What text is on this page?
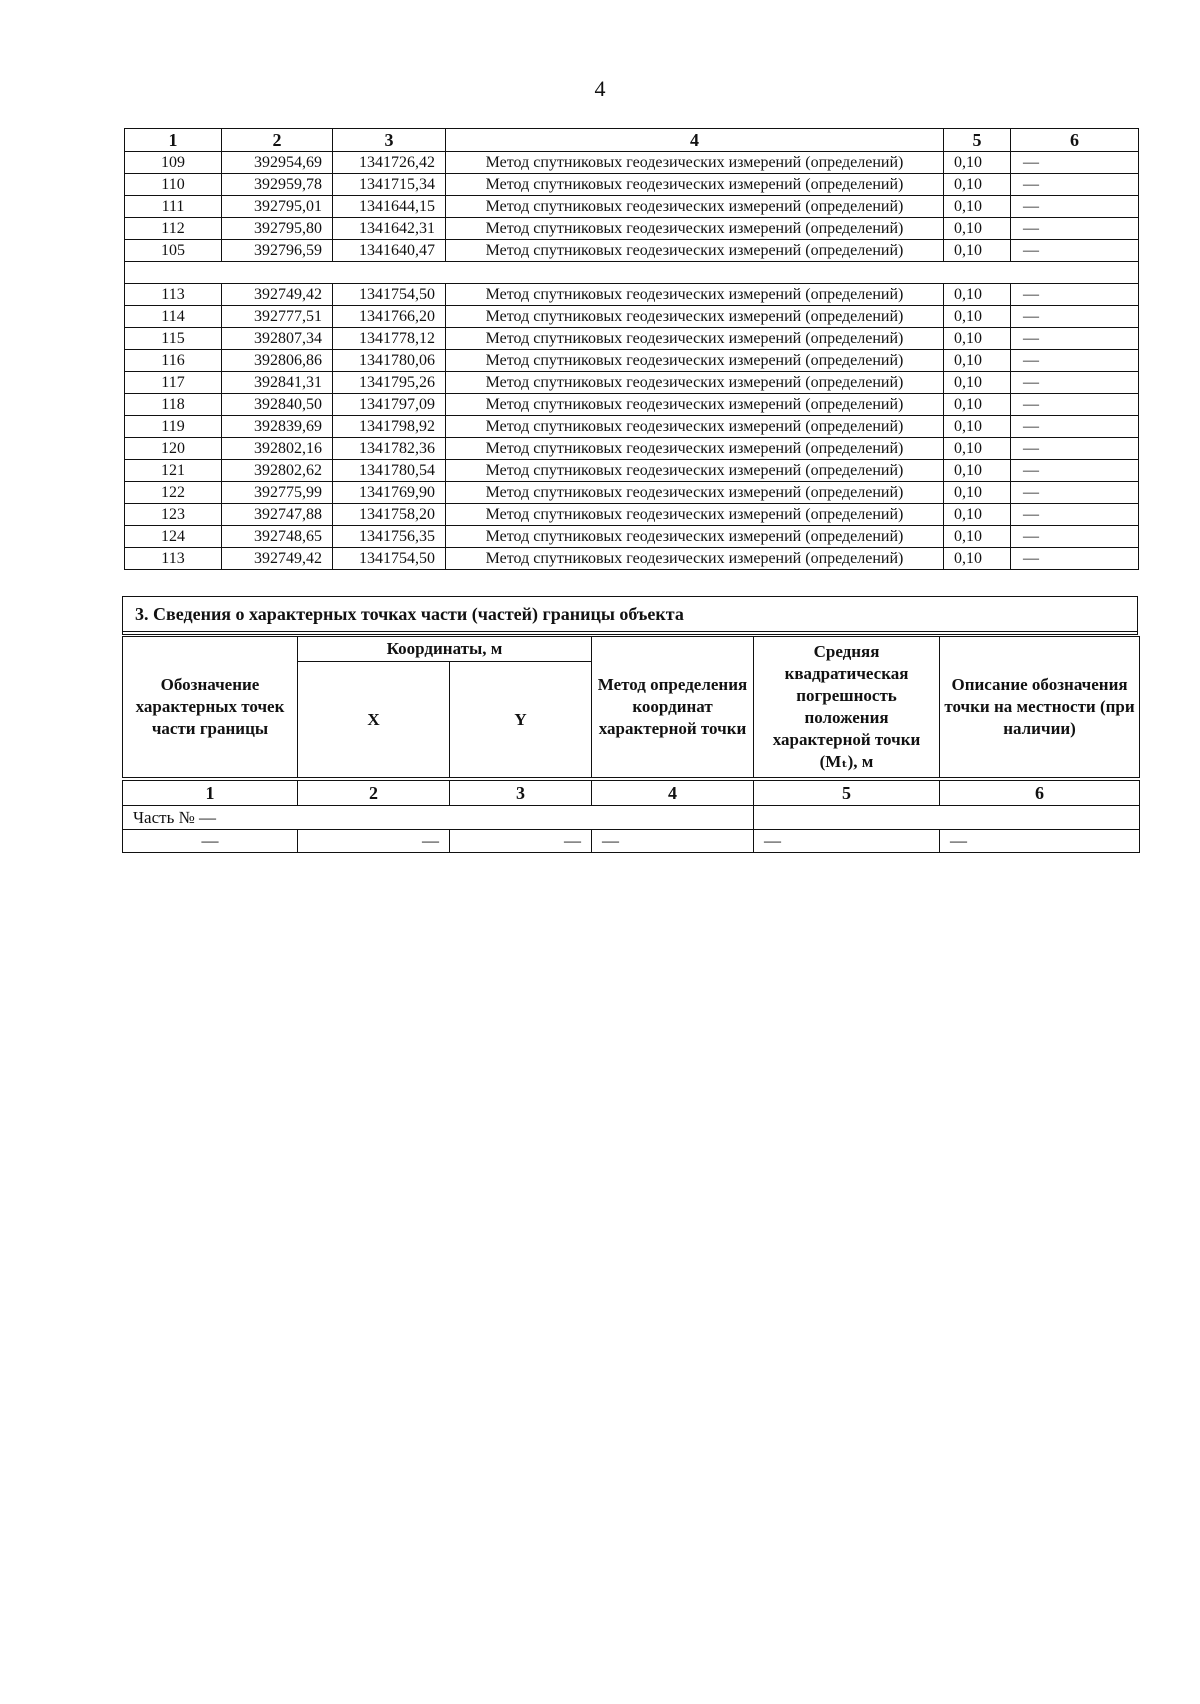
4
1	2	3	4	5	6
109	392954,69	1341726,42	Метод спутниковых геодезических измерений (определений)	0,10	—
110	392959,78	1341715,34	Метод спутниковых геодезических измерений (определений)	0,10	—
111	392795,01	1341644,15	Метод спутниковых геодезических измерений (определений)	0,10	—
112	392795,80	1341642,31	Метод спутниковых геодезических измерений (определений)	0,10	—
105	392796,59	1341640,47	Метод спутниковых геодезических измерений (определений)	0,10	—

113	392749,42	1341754,50	Метод спутниковых геодезических измерений (определений)	0,10	—
114	392777,51	1341766,20	Метод спутниковых геодезических измерений (определений)	0,10	—
115	392807,34	1341778,12	Метод спутниковых геодезических измерений (определений)	0,10	—
116	392806,86	1341780,06	Метод спутниковых геодезических измерений (определений)	0,10	—
117	392841,31	1341795,26	Метод спутниковых геодезических измерений (определений)	0,10	—
118	392840,50	1341797,09	Метод спутниковых геодезических измерений (определений)	0,10	—
119	392839,69	1341798,92	Метод спутниковых геодезических измерений (определений)	0,10	—
120	392802,16	1341782,36	Метод спутниковых геодезических измерений (определений)	0,10	—
121	392802,62	1341780,54	Метод спутниковых геодезических измерений (определений)	0,10	—
122	392775,99	1341769,90	Метод спутниковых геодезических измерений (определений)	0,10	—
123	392747,88	1341758,20	Метод спутниковых геодезических измерений (определений)	0,10	—
124	392748,65	1341756,35	Метод спутниковых геодезических измерений (определений)	0,10	—
113	392749,42	1341754,50	Метод спутниковых геодезических измерений (определений)	0,10	—
3. Сведения о характерных точках части (частей) границы объекта
Обозначение характерных точек части границы	Координаты, м		Метод определения координат характерной точки	Средняя квадратическая погрешность положения характерной точки (Mₜ), м	Описание обозначения точки на местности (при наличии)
	X	Y			
1	2	3	4	5	6
Часть № —					
—	—	—	—	—	—
